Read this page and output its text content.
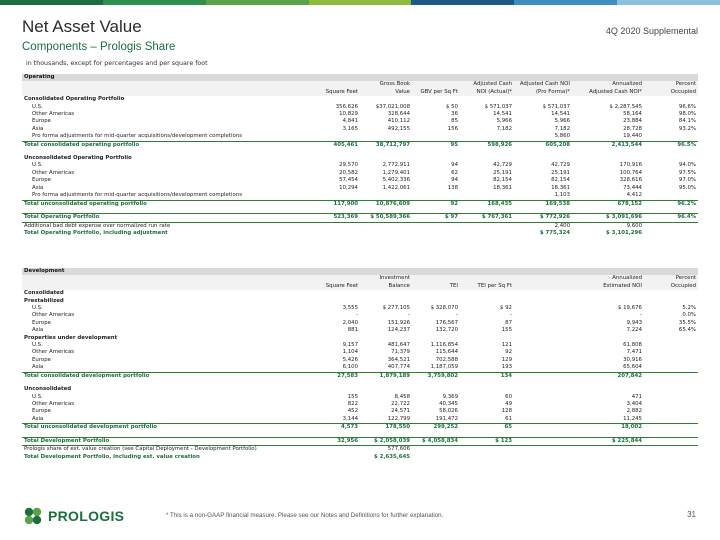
Net Asset Value
Components – Prologis Share
4Q 2020 Supplemental
in thousands, except for percentages and per square foot
Operating							
		Gross Book		Adjusted Cash	Adjusted Cash NOI	Annualized	Percent
	Square Feet	Value	GBV per Sq Ft	NOI (Actual)*	(Pro Forma)*	Adjusted Cash NOI*	Occupied
Consolidated Operating Portfolio							
U.S.	356,626	$37,021,008	$ 50	$ 571,037	$ 571,037	$ 2,287,545	96.6%
Other Americas	10,829	328,644	36	14,541	14,541	58,164	98.0%
Europe	4,841	410,112	85	5,966	5,966	23,884	84.1%
Asia	3,165	492,155	156	7,182	7,182	28,728	93.2%
Pro forma adjustments for mid-quarter acquisitions/development completions					5,860	19,440	
Total consolidated operating portfolio	405,461	38,712,797	95	598,926	605,208	2,413,544	96.5%

Unconsolidated Operating Portfolio							
U.S.	29,570	2,772,911	94	42,729	42,729	170,916	94.0%
Other Americas	20,582	1,279,401	62	25,191	25,191	100,764	97.5%
Europe	57,454	5,402,336	94	82,154	82,154	328,616	97.0%
Asia	10,294	1,422,061	138	18,361	18,361	73,444	95.0%
Pro forma adjustments for mid-quarter acquisitions/development completions					1,103	4,412	
Total unconsolidated operating portfolio	117,900	10,876,609	92	168,435	169,538	678,152	96.2%

Total Operating Portfolio	523,369	$ 50,589,366	$ 97	$ 767,361	$ 772,926	$ 3,091,696	96.4%
Additional bad debt expense over normalized run rate					2,400	9,600	
Total Operating Portfolio, including adjustment					$ 775,324	$ 3,101,296	
Development							
		Investment				Annualized	Percent
	Square Feet	Balance	TEI	TEI per Sq Ft		Estimated NOI	Occupied
Consolidated							
Prestabilized							
U.S.	3,555	$ 277,105	$ 328,070	$ 92		$ 19,676	5.2%
Other Americas	-	-	-	-		-	0.0%
Europe	2,040	151,926	176,567	87		9,943	35.5%
Asia	881	124,237	132,720	155		7,224	65.4%
Properties under development							
U.S.	9,157	481,647	1,116,854	121		61,808	
Other Americas	1,104	71,379	115,644	92		7,471	
Europe	5,426	364,521	702,588	129		30,916	
Asia	6,100	407,774	1,187,059	193		65,604	
Total consolidated development portfolio	27,583	1,879,189	3,759,802	134		207,842	

Unconsolidated							
U.S.	155	8,458	9,369	60		471	
Other Americas	822	22,722	40,345	49		3,404	
Europe	452	24,571	58,026	128		2,882	
Asia	3,144	122,799	191,472	61		11,245	
Total unconsolidated development portfolio	4,573	178,550	299,252	65		18,002	

Total Development Portfolio	32,956	$ 2,058,039	$ 4,058,834	$ 123		$ 225,844	
Prologis share of est. value creation (see Capital Deployment - Development Portfolio)		577,606					
Total Development Portfolio, including est. value creation		$ 2,635,645					
PROLOGIS	* This is a non-GAAP financial measure. Please see our Notes and Definitions for further explanation.	31
